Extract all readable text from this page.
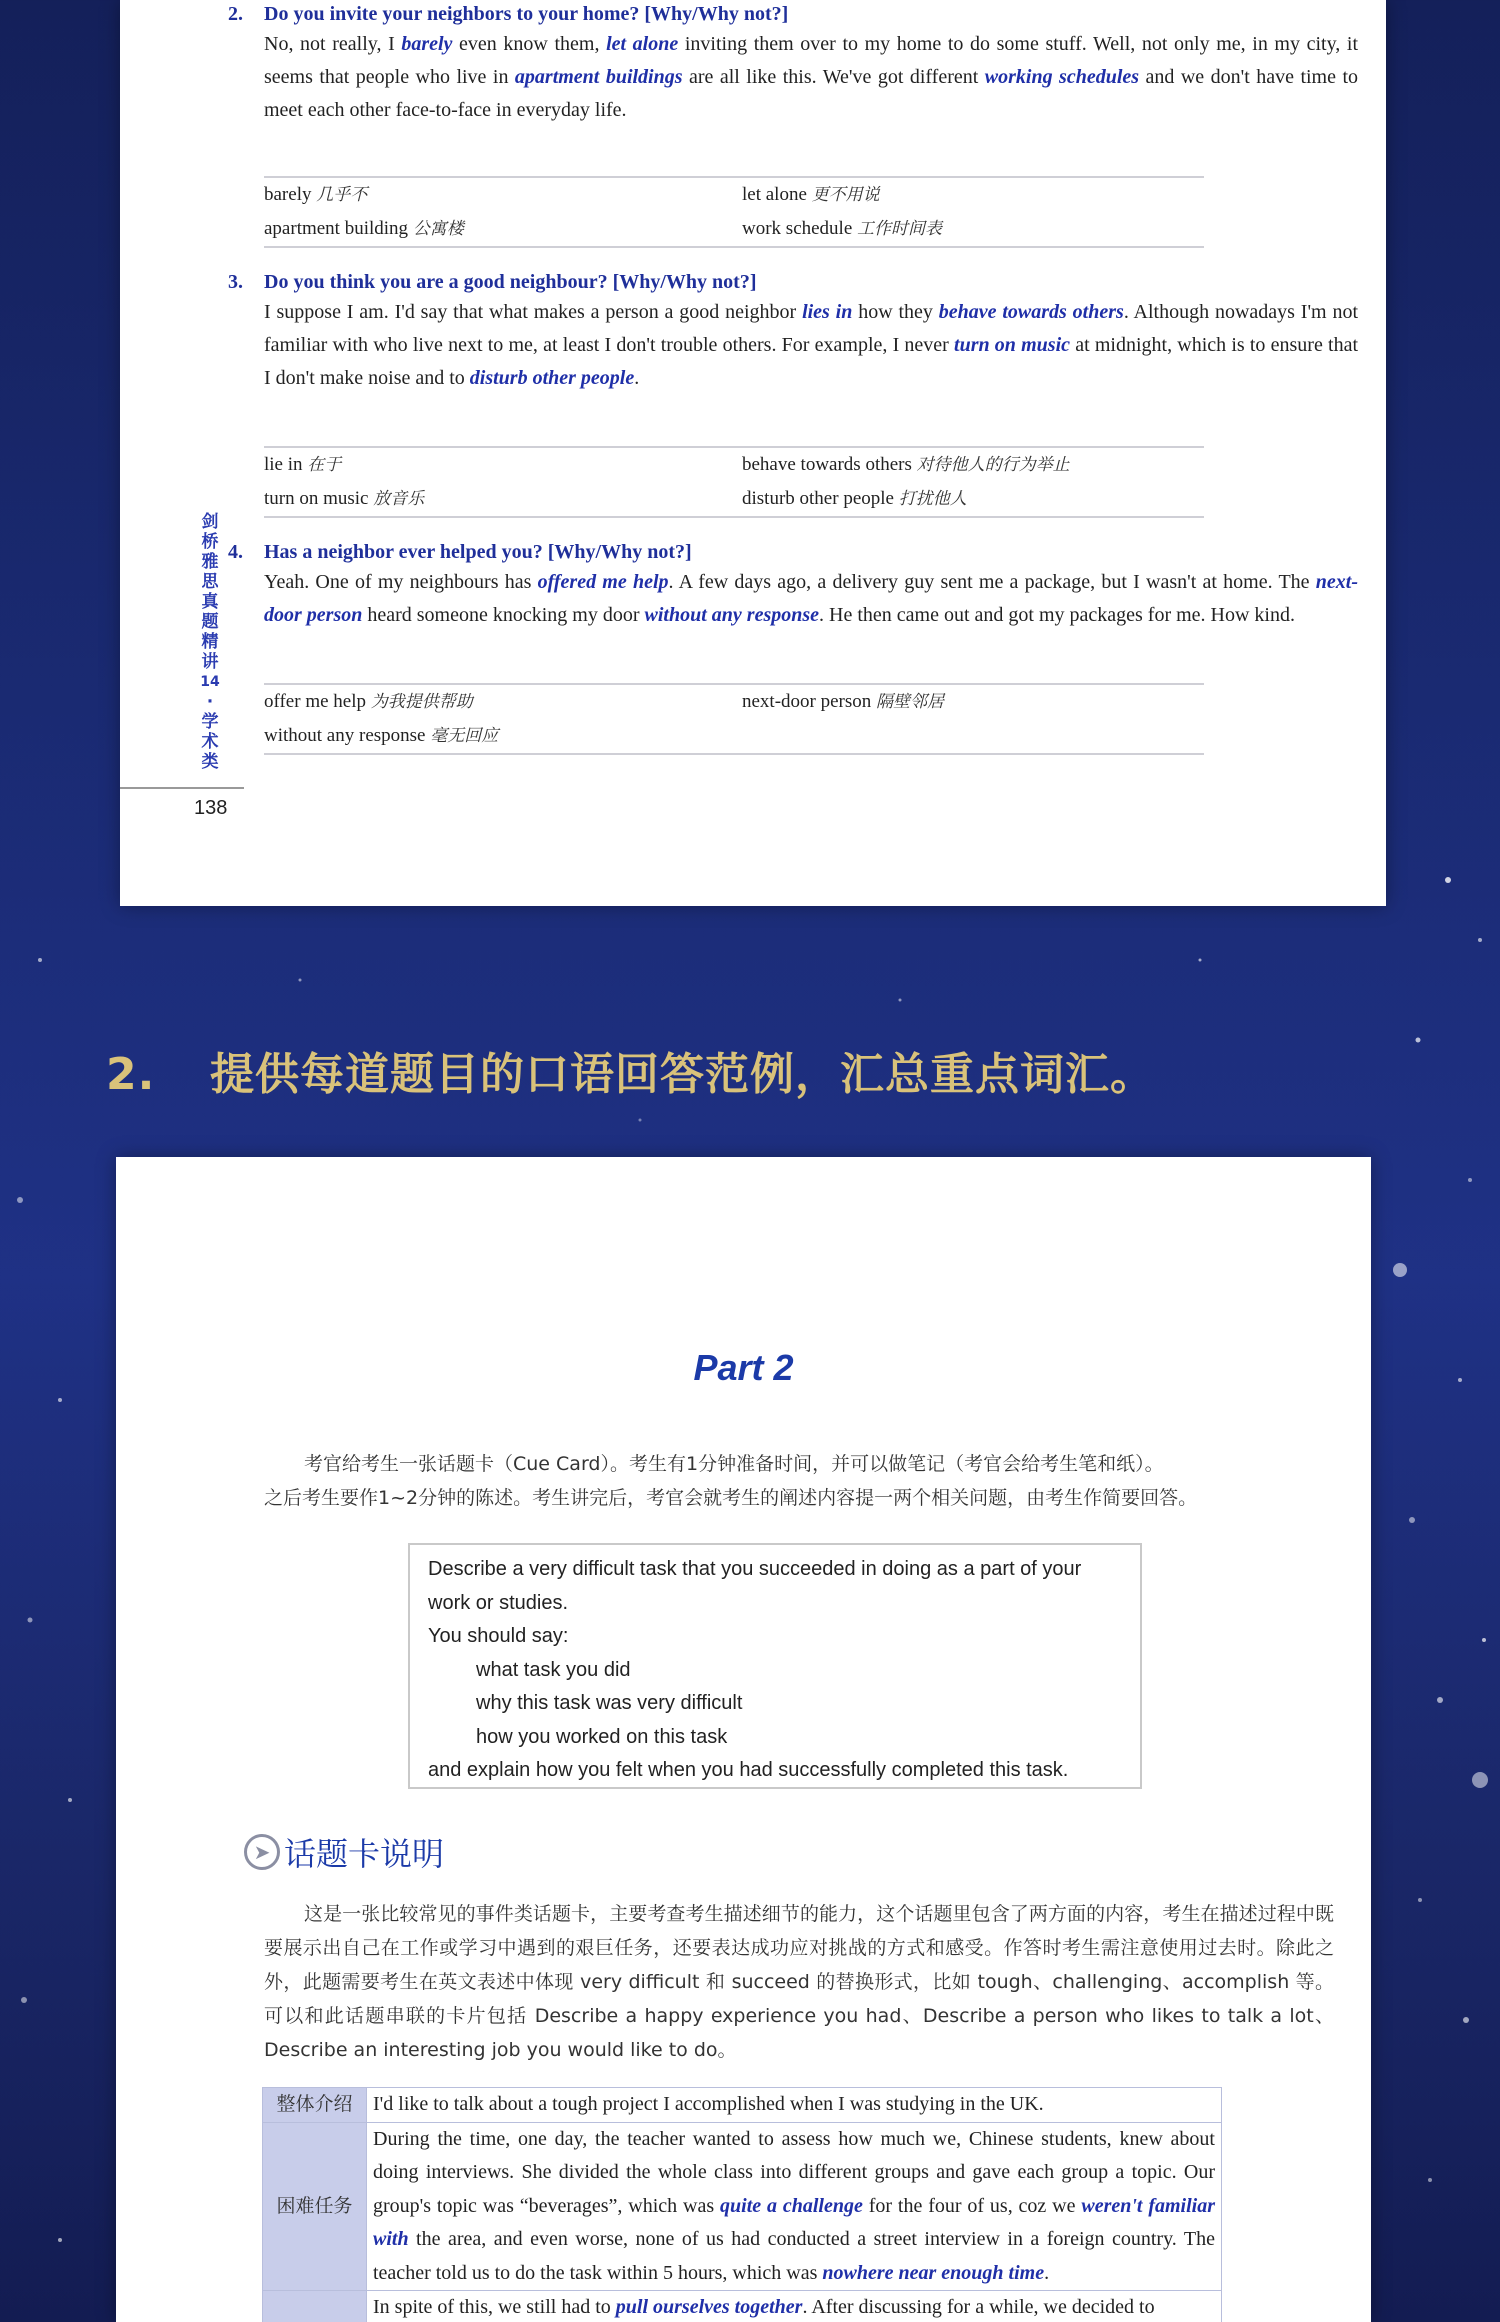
2. Do you invite your neighbors to your home? [Why/Why not?]
No, not really, I barely even know them, let alone inviting them over to my home to do some stuff. Well, not only me, in my city, it seems that people who live in apartment buildings are all like this. We've got different working schedules and we don't have time to meet each other face-to-face in everyday life.
barely 几乎不	let alone 更不用说
apartment building 公寓楼	work schedule 工作时间表
3. Do you think you are a good neighbour? [Why/Why not?]
I suppose I am. I'd say that what makes a person a good neighbor lies in how they behave towards others. Although nowadays I'm not familiar with who live next to me, at least I don't trouble others. For example, I never turn on music at midnight, which is to ensure that I don't make noise and to disturb other people.
lie in 在于	behave towards others 对待他人的行为举止
turn on music 放音乐	disturb other people 打扰他人
4. Has a neighbor ever helped you? [Why/Why not?]
Yeah. One of my neighbours has offered me help. A few days ago, a delivery guy sent me a package, but I wasn't at home. The next-door person heard someone knocking my door without any response. He then came out and got my packages for me. How kind.
offer me help 为我提供帮助	next-door person 隔壁邻居
without any response 毫无回应
剑
桥
雅
思
真
题
精
讲
14
·
学
术
类
138
2. 提供每道题目的口语回答范例，汇总重点词汇。
Part 2

考官给考生一张话题卡（Cue Card）。考生有1分钟准备时间，并可以做笔记（考官会给考生笔和纸）。

之后考生要作1~2分钟的陈述。考生讲完后，考官会就考生的阐述内容提一两个相关问题，由考生作简要回答。

Describe a very difficult task that you succeeded in doing as a part of your
work or studies.
You should say:
what task you did
why this task was very difficult
how you worked on this task
and explain how you felt when you had successfully completed this task.
➤ 话题卡说明

这是一张比较常见的事件类话题卡，主要考查考生描述细节的能力，这个话题里包含了两方面的内容，考生在描述过程中既要展示出自己在工作或学习中遇到的艰巨任务，还要表达成功应对挑战的方式和感受。作答时考生需注意使用过去时。除此之外，此题需要考生在英文表述中体现 very difficult 和 succeed 的替换形式，比如 tough、challenging、accomplish 等。可以和此话题串联的卡片包括 Describe a happy experience you had、Describe a person who likes to talk a lot、Describe an interesting job you would like to do。

整体介绍	I'd like to talk about a tough project I accomplished when I was studying in the UK.
困难任务	During the time, one day, the teacher wanted to assess how much we, Chinese students, knew about doing interviews. She divided the whole class into different groups and gave each group a topic. Our group's topic was “beverages”, which was quite a challenge for the four of us, coz we weren't familiar with the area, and even worse, none of us had conducted a street interview in a foreign country. The teacher told us to do the task within 5 hours, which was nowhere near enough time.
	In spite of this, we still had to pull ourselves together. After discussing for a while, we decided to
